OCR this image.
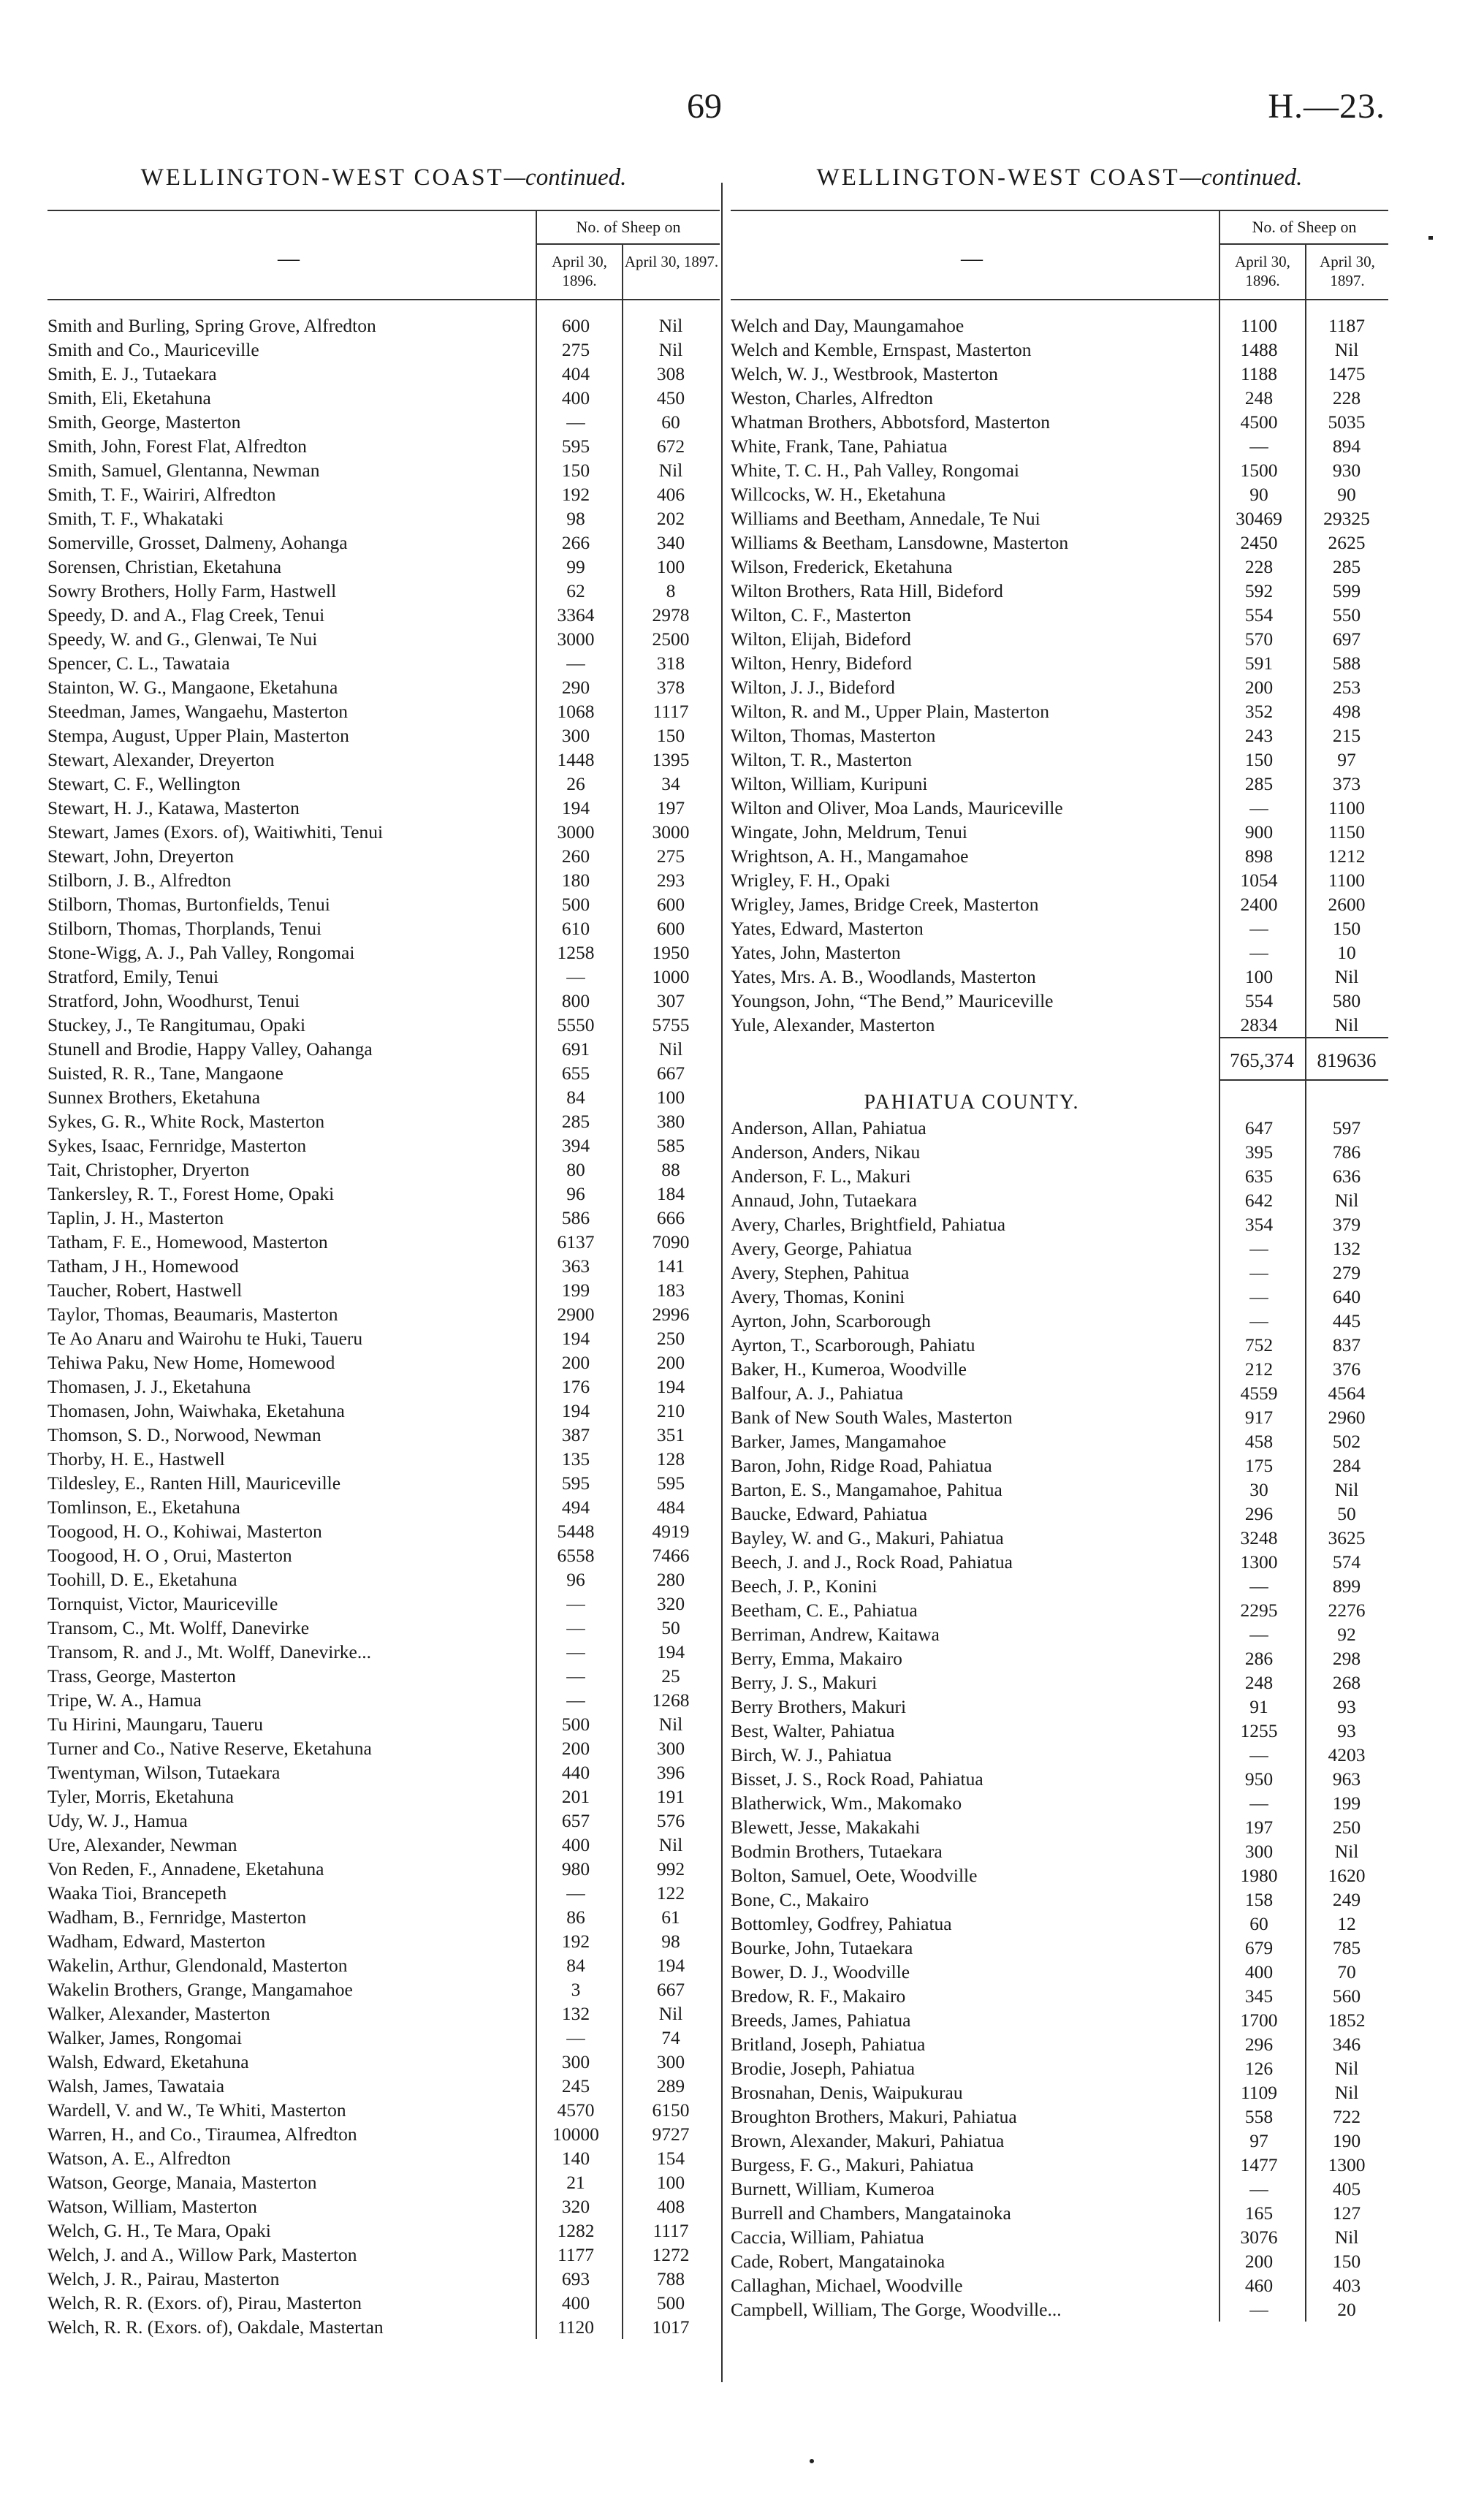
69	H.—23.
WELLINGTON-WEST COAST—continued.
—
No. of Sheep on
April 30, 1896.
April 30, 1897.
Smith and Burling, Spring Grove, Alfredton	600	Nil
Smith and Co., Mauriceville	275	Nil
Smith, E. J., Tutaekara	404	308
Smith, Eli, Eketahuna	400	450
Smith, George, Masterton	—	60
Smith, John, Forest Flat, Alfredton	595	672
Smith, Samuel, Glentanna, Newman	150	Nil
Smith, T. F., Wairiri, Alfredton	192	406
Smith, T. F., Whakataki	98	202
Somerville, Grosset, Dalmeny, Aohanga	266	340
Sorensen, Christian, Eketahuna	99	100
Sowry Brothers, Holly Farm, Hastwell	62	8
Speedy, D. and A., Flag Creek, Tenui	3364	2978
Speedy, W. and G., Glenwai, Te Nui	3000	2500
Spencer, C. L., Tawataia	—	318
Stainton, W. G., Mangaone, Eketahuna	290	378
Steedman, James, Wangaehu, Masterton	1068	1117
Stempa, August, Upper Plain, Masterton	300	150
Stewart, Alexander, Dreyerton	1448	1395
Stewart, C. F., Wellington	26	34
Stewart, H. J., Katawa, Masterton	194	197
Stewart, James (Exors. of), Waitiwhiti, Tenui	3000	3000
Stewart, John, Dreyerton	260	275
Stilborn, J. B., Alfredton	180	293
Stilborn, Thomas, Burtonfields, Tenui	500	600
Stilborn, Thomas, Thorplands, Tenui	610	600
Stone-Wigg, A. J., Pah Valley, Rongomai	1258	1950
Stratford, Emily, Tenui	—	1000
Stratford, John, Woodhurst, Tenui	800	307
Stuckey, J., Te Rangitumau, Opaki	5550	5755
Stunell and Brodie, Happy Valley, Oahanga	691	Nil
Suisted, R. R., Tane, Mangaone	655	667
Sunnex Brothers, Eketahuna	84	100
Sykes, G. R., White Rock, Masterton	285	380
Sykes, Isaac, Fernridge, Masterton	394	585
Tait, Christopher, Dryerton	80	88
Tankersley, R. T., Forest Home, Opaki	96	184
Taplin, J. H., Masterton	586	666
Tatham, F. E., Homewood, Masterton	6137	7090
Tatham, J H., Homewood	363	141
Taucher, Robert, Hastwell	199	183
Taylor, Thomas, Beaumaris, Masterton	2900	2996
Te Ao Anaru and Wairohu te Huki, Taueru	194	250
Tehiwa Paku, New Home, Homewood	200	200
Thomasen, J. J., Eketahuna	176	194
Thomasen, John, Waiwhaka, Eketahuna	194	210
Thomson, S. D., Norwood, Newman	387	351
Thorby, H. E., Hastwell	135	128
Tildesley, E., Ranten Hill, Mauriceville	595	595
Tomlinson, E., Eketahuna	494	484
Toogood, H. O., Kohiwai, Masterton	5448	4919
Toogood, H. O , Orui, Masterton	6558	7466
Toohill, D. E., Eketahuna	96	280
Tornquist, Victor, Mauriceville	—	320
Transom, C., Mt. Wolff, Danevirke	—	50
Transom, R. and J., Mt. Wolff, Danevirke...	—	194
Trass, George, Masterton	—	25
Tripe, W. A., Hamua	—	1268
Tu Hirini, Maungaru, Taueru	500	Nil
Turner and Co., Native Reserve, Eketahuna	200	300
Twentyman, Wilson, Tutaekara	440	396
Tyler, Morris, Eketahuna	201	191
Udy, W. J., Hamua	657	576
Ure, Alexander, Newman	400	Nil
Von Reden, F., Annadene, Eketahuna	980	992
Waaka Tioi, Brancepeth	—	122
Wadham, B., Fernridge, Masterton	86	61
Wadham, Edward, Masterton	192	98
Wakelin, Arthur, Glendonald, Masterton	84	194
Wakelin Brothers, Grange, Mangamahoe	3	667
Walker, Alexander, Masterton	132	Nil
Walker, James, Rongomai	—	74
Walsh, Edward, Eketahuna	300	300
Walsh, James, Tawataia	245	289
Wardell, V. and W., Te Whiti, Masterton	4570	6150
Warren, H., and Co., Tiraumea, Alfredton	10000	9727
Watson, A. E., Alfredton	140	154
Watson, George, Manaia, Masterton	21	100
Watson, William, Masterton	320	408
Welch, G. H., Te Mara, Opaki	1282	1117
Welch, J. and A., Willow Park, Masterton	1177	1272
Welch, J. R., Pairau, Masterton	693	788
Welch, R. R. (Exors. of), Pirau, Masterton	400	500
Welch, R. R. (Exors. of), Oakdale, Mastertan	1120	1017
WELLINGTON-WEST COAST—continued.
—
No. of Sheep on
April 30, 1896.
April 30, 1897.
Welch and Day, Maungamahoe	1100	1187
Welch and Kemble, Ernspast, Masterton	1488	Nil
Welch, W. J., Westbrook, Masterton	1188	1475
Weston, Charles, Alfredton	248	228
Whatman Brothers, Abbotsford, Masterton	4500	5035
White, Frank, Tane, Pahiatua	—	894
White, T. C. H., Pah Valley, Rongomai	1500	930
Willcocks, W. H., Eketahuna	90	90
Williams and Beetham, Annedale, Te Nui	30469	29325
Williams & Beetham, Lansdowne, Masterton	2450	2625
Wilson, Frederick, Eketahuna	228	285
Wilton Brothers, Rata Hill, Bideford	592	599
Wilton, C. F., Masterton	554	550
Wilton, Elijah, Bideford	570	697
Wilton, Henry, Bideford	591	588
Wilton, J. J., Bideford	200	253
Wilton, R. and M., Upper Plain, Masterton	352	498
Wilton, Thomas, Masterton	243	215
Wilton, T. R., Masterton	150	97
Wilton, William, Kuripuni	285	373
Wilton and Oliver, Moa Lands, Mauriceville	—	1100
Wingate, John, Meldrum, Tenui	900	1150
Wrightson, A. H., Mangamahoe	898	1212
Wrigley, F. H., Opaki	1054	1100
Wrigley, James, Bridge Creek, Masterton	2400	2600
Yates, Edward, Masterton	—	150
Yates, John, Masterton	—	10
Yates, Mrs. A. B., Woodlands, Masterton	100	Nil
Youngson, John, “The Bend,” Mauriceville	554	580
Yule, Alexander, Masterton	2834	Nil
765,374	819636
PAHIATUA COUNTY.
Anderson, Allan, Pahiatua	647	597
Anderson, Anders, Nikau	395	786
Anderson, F. L., Makuri	635	636
Annaud, John, Tutaekara	642	Nil
Avery, Charles, Brightfield, Pahiatua	354	379
Avery, George, Pahiatua	—	132
Avery, Stephen, Pahitua	—	279
Avery, Thomas, Konini	—	640
Ayrton, John, Scarborough	—	445
Ayrton, T., Scarborough, Pahiatu	752	837
Baker, H., Kumeroa, Woodville	212	376
Balfour, A. J., Pahiatua	4559	4564
Bank of New South Wales, Masterton	917	2960
Barker, James, Mangamahoe	458	502
Baron, John, Ridge Road, Pahiatua	175	284
Barton, E. S., Mangamahoe, Pahitua	30	Nil
Baucke, Edward, Pahiatua	296	50
Bayley, W. and G., Makuri, Pahiatua	3248	3625
Beech, J. and J., Rock Road, Pahiatua	1300	574
Beech, J. P., Konini	—	899
Beetham, C. E., Pahiatua	2295	2276
Berriman, Andrew, Kaitawa	—	92
Berry, Emma, Makairo	286	298
Berry, J. S., Makuri	248	268
Berry Brothers, Makuri	91	93
Best, Walter, Pahiatua	1255	93
Birch, W. J., Pahiatua	—	4203
Bisset, J. S., Rock Road, Pahiatua	950	963
Blatherwick, Wm., Makomako	—	199
Blewett, Jesse, Makakahi	197	250
Bodmin Brothers, Tutaekara	300	Nil
Bolton, Samuel, Oete, Woodville	1980	1620
Bone, C., Makairo	158	249
Bottomley, Godfrey, Pahiatua	60	12
Bourke, John, Tutaekara	679	785
Bower, D. J., Woodville	400	70
Bredow, R. F., Makairo	345	560
Breeds, James, Pahiatua	1700	1852
Britland, Joseph, Pahiatua	296	346
Brodie, Joseph, Pahiatua	126	Nil
Brosnahan, Denis, Waipukurau	1109	Nil
Broughton Brothers, Makuri, Pahiatua	558	722
Brown, Alexander, Makuri, Pahiatua	97	190
Burgess, F. G., Makuri, Pahiatua	1477	1300
Burnett, William, Kumeroa	—	405
Burrell and Chambers, Mangatainoka	165	127
Caccia, William, Pahiatua	3076	Nil
Cade, Robert, Mangatainoka	200	150
Callaghan, Michael, Woodville	460	403
Campbell, William, The Gorge, Woodville...	—	20
